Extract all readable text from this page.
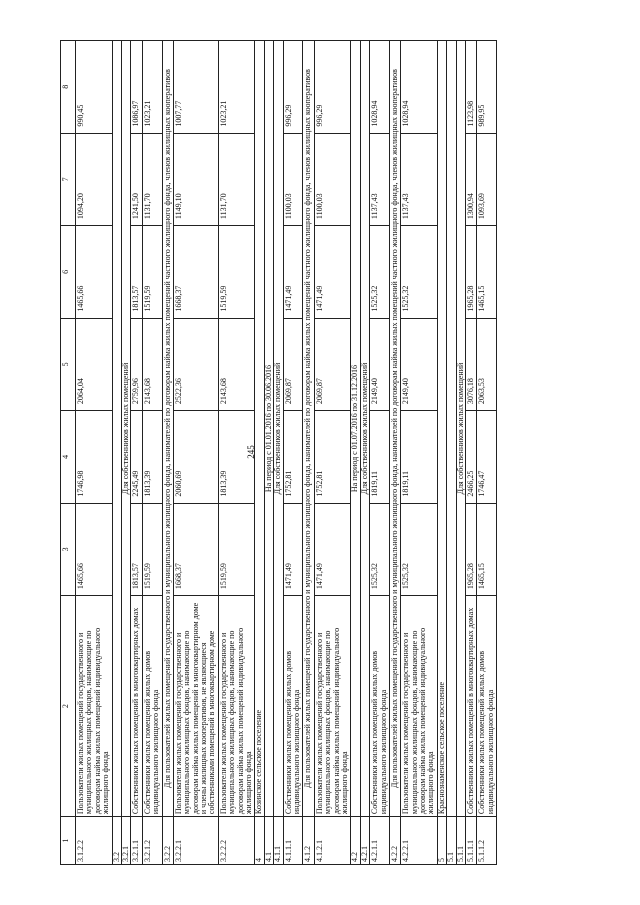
245
1	2	3	4	5	6	7	8
3.1.2.2	Пользователи жилых помещений государственного и муниципального жилищных фондов, нанимающие по договорам найма жилых помещений индивидуального жилищного фонда	1465,66	1746,98	2064,04	1465,66	1094,20	990,45
3.2							
3.2.1	Для собственников жилых помещений						
3.2.1.1	Собственники жилых помещений в многоквартирных домах	1813,57	2245,49	2759,96	1813,57	1241,50	1086,97
3.2.1.2	Собственники жилых помещений жилых домов индивидуального жилищного фонда	1519,59	1813,39	2143,68	1519,59	1131,70	1023,21
3.2.2	Для пользователей жилых помещений государственного и муниципального жилищного фонда, нанимателей по договорам найма жилых помещений частного жилищного фонда, членов жилищных кооперативов						
3.2.2.1	Пользователи жилых помещений государственного и муниципального жилищных фондов, нанимающие по договорам найма жилых помещений в многоквартирном доме и члены жилищных кооперативов, не являющиеся собственниками помещений в многоквартирном доме	1668,37	2060,69	2522,36	1668,37	1149,10	1007,77
3.2.2.2	Пользователи жилых помещений государственного и муниципального жилищных фондов, нанимающие по договорам найма жилых помещений индивидуального жилищного фонда	1519,59	1813,39	2143,68	1519,59	1131,70	1023,21
4	Козинское сельское поселение						
4.1	На период с 01.01.2016 по 30.06.2016						
4.1.1	Для собственников жилых помещений						
4.1.1.1	Собственники жилых помещений жилых домов индивидуального жилищного фонда	1471,49	1752,81	2069,87	1471,49	1100,03	996,29
4.1.2	Для пользователей жилых помещений государственного и муниципального жилищного фонда, нанимателей по договорам найма жилых помещений частного жилищного фонда, членов жилищных кооперативов						
4.1.2.1	Пользователи жилых помещений государственного и муниципального жилищных фондов, нанимающие по договорам найма жилых помещений индивидуального жилищного фонда	1471,49	1752,81	2069,87	1471,49	1100,03	996,29
4.2	На период с 01.07.2016 по 31.12.2016						
4.2.1	Для собственников жилых помещений						
4.2.1.1	Собственники жилых помещений жилых домов индивидуального жилищного фонда	1525,32	1819,11	2149,40	1525,32	1137,43	1028,94
4.2.2	Для пользователей жилых помещений государственного и муниципального жилищного фонда, нанимателей по договорам найма жилых помещений частного жилищного фонда, членов жилищных кооперативов						
4.2.2.1	Пользователи жилых помещений государственного и муниципального жилищных фондов, нанимающие по договорам найма жилых помещений индивидуального жилищного фонда	1525,32	1819,11	2149,40	1525,32	1137,43	1028,94
5	Краснознаменское сельское поселение						
5.1							
5.1.1	Для собственников жилых помещений						
5.1.1.1	Собственники жилых помещений в многоквартирных домах	1965,28	2466,25	3076,18	1965,28	1300,94	1123,98
5.1.1.2	Собственники жилых помещений жилых домов индивидуального жилищного фонда	1465,15	1746,47	2063,53	1465,15	1093,69	989,95
